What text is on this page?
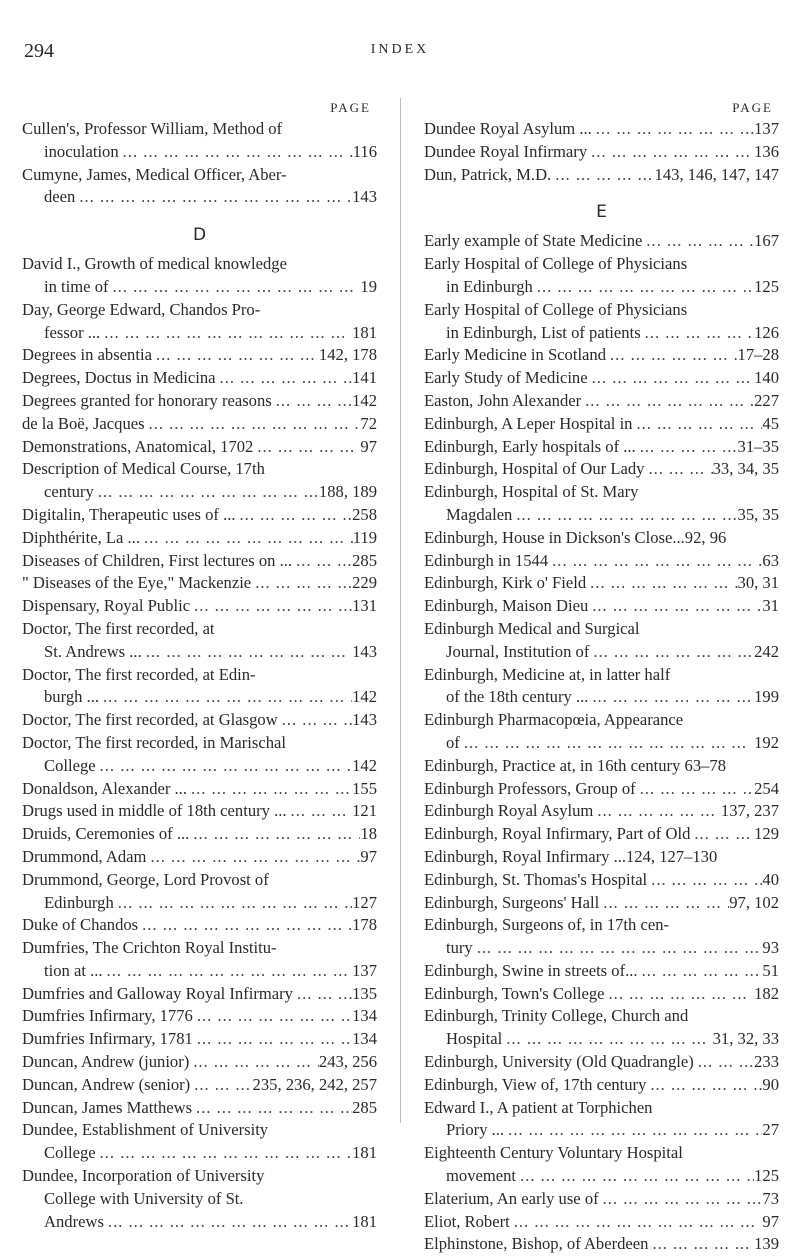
294	INDEX
PAGE
Cullen's, Professor William, Method of
inoculation ... .	116
Cumyne, James, Medical Officer, Aber-
deen ... .	143
D
David I., Growth of medical knowledge
in time of ... .	19
Day, George Edward, Chandos Pro-
fessor ... ... .	181
Degrees in absentia ... .	142, 178
Degrees, Doctus in Medicina ... .	141
Degrees granted for honorary reasons ... .	142
de la Boë, Jacques ... .	72
Demonstrations, Anatomical, 1702 ... .	97
Description of Medical Course, 17th
century ... .	188, 189
Digitalin, Therapeutic uses of ... ... .	258
Diphthérite, La ... ... .	119
Diseases of Children, First lectures on ... ... .	285
" Diseases of the Eye," Mackenzie ... .	229
Dispensary, Royal Public ... .	131
Doctor, The first recorded, at
St. Andrews ... ... .	143
Doctor, The first recorded, at Edin-
burgh ... ... .	142
Doctor, The first recorded, at Glasgow ... .	143
Doctor, The first recorded, in Marischal
College ... .	142
Donaldson, Alexander ... ... .	155
Drugs used in middle of 18th century ... ... .	121
Druids, Ceremonies of ... ... .	18
Drummond, Adam ... .	97
Drummond, George, Lord Provost of
Edinburgh ... .	127
Duke of Chandos ... .	178
Dumfries, The Crichton Royal Institu-
tion at ... ... .	137
Dumfries and Galloway Royal Infirmary ... .	135
Dumfries Infirmary, 1776 ... .	134
Dumfries Infirmary, 1781 ... .	134
Duncan, Andrew (junior) ... .	243, 256
Duncan, Andrew (senior) ... .	235, 236, 242, 257
Duncan, James Matthews ... .	285
Dundee, Establishment of University
College ... .	181
Dundee, Incorporation of University
College with University of St.
Andrews ... .	181
PAGE
Dundee Royal Asylum ... ... .	137
Dundee Royal Infirmary ... .	136
Dun, Patrick, M.D. ... .	143, 146, 147, 147
E
Early example of State Medicine ... .	167
Early Hospital of College of Physicians
in Edinburgh ... .	125
Early Hospital of College of Physicians
in Edinburgh, List of patients ... .	126
Early Medicine in Scotland ... .	17–28
Early Study of Medicine ... .	140
Easton, John Alexander ... .	227
Edinburgh, A Leper Hospital in ... .	45
Edinburgh, Early hospitals of ... ... .	31–35
Edinburgh, Hospital of Our Lady ... .	33, 34, 35
Edinburgh, Hospital of St. Mary
Magdalen ... .	35, 35
Edinburgh, House in Dickson's Close...92, 96
Edinburgh in 1544 ... .	63
Edinburgh, Kirk o' Field ... .	30, 31
Edinburgh, Maison Dieu ... .	31
Edinburgh Medical and Surgical
Journal, Institution of ... .	242
Edinburgh, Medicine at, in latter half
of the 18th century ... ... .	199
Edinburgh Pharmacopœia, Appearance
of ... .	192
Edinburgh, Practice at, in 16th century 63–78
Edinburgh Professors, Group of ... .	254
Edinburgh Royal Asylum ... .	137, 237
Edinburgh, Royal Infirmary, Part of Old ... .	129
Edinburgh, Royal Infirmary ...124, 127–130
Edinburgh, St. Thomas's Hospital ... .	40
Edinburgh, Surgeons' Hall ... .	97, 102
Edinburgh, Surgeons of, in 17th cen-
tury ... .	93
Edinburgh, Swine in streets of... ... .	51
Edinburgh, Town's College ... .	182
Edinburgh, Trinity College, Church and
Hospital ... .	31, 32, 33
Edinburgh, University (Old Quadrangle) ... .	233
Edinburgh, View of, 17th century ... .	90
Edward I., A patient at Torphichen
Priory ... ... .	27
Eighteenth Century Voluntary Hospital
movement ... .	125
Elaterium, An early use of ... .	73
Eliot, Robert ... .	97
Elphinstone, Bishop, of Aberdeen ... .	139
